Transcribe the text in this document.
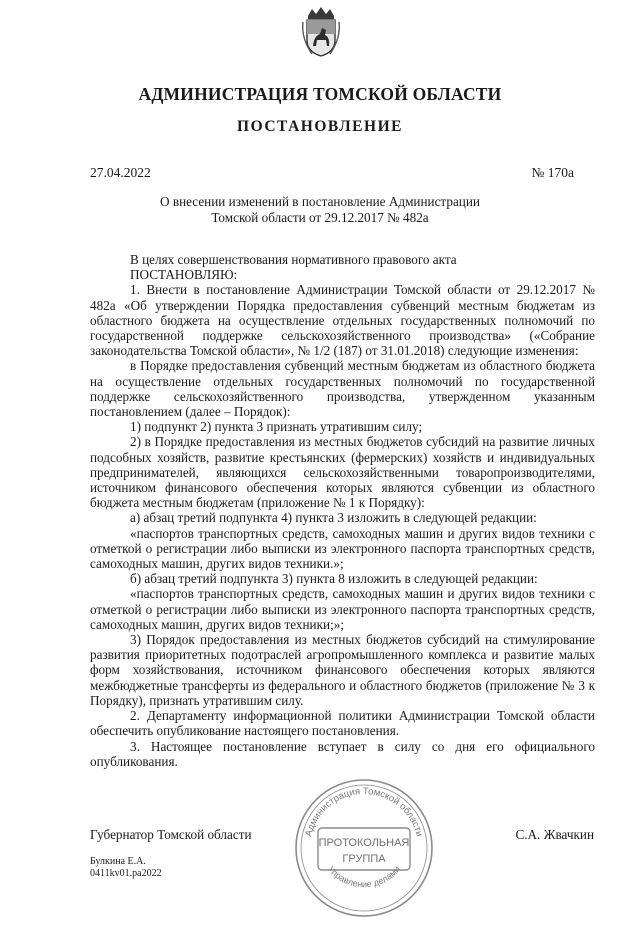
АДМИНИСТРАЦИЯ ТОМСКОЙ ОБЛАСТИ
ПОСТАНОВЛЕНИЕ
27.04.2022	№ 170а
О внесении изменений в постановление Администрации
Томской области от 29.12.2017 № 482а

В целях совершенствования нормативного правового акта

ПОСТАНОВЛЯЮ:

1. Внести в постановление Администрации Томской области от 29.12.2017 № 482а «Об утверждении Порядка предоставления субвенций местным бюджетам из областного бюджета на осуществление отдельных государственных полномочий по государственной поддержке сельскохозяйственного производства» («Собрание законодательства Томской области», № 1/2 (187) от 31.01.2018) следующие изменения:

в Порядке предоставления субвенций местным бюджетам из областного бюджета на осуществление отдельных государственных полномочий по государственной поддержке сельскохозяйственного производства, утвержденном указанным постановлением (далее – Порядок):

1) подпункт 2) пункта 3 признать утратившим силу;

2) в Порядке предоставления из местных бюджетов субсидий на развитие личных подсобных хозяйств, развитие крестьянских (фермерских) хозяйств и индивидуальных предпринимателей, являющихся сельскохозяйственными товаропроизводителями, источником финансового обеспечения которых являются субвенции из областного бюджета местным бюджетам (приложение № 1 к Порядку):

а) абзац третий подпункта 4) пункта 3 изложить в следующей редакции:

«паспортов транспортных средств, самоходных машин и других видов техники с отметкой о регистрации либо выписки из электронного паспорта транспортных средств, самоходных машин, других видов техники.»;

б) абзац третий подпункта 3) пункта 8 изложить в следующей редакции:

«паспортов транспортных средств, самоходных машин и других видов техники с отметкой о регистрации либо выписки из электронного паспорта транспортных средств, самоходных машин, других видов техники;»;

3) Порядок предоставления из местных бюджетов субсидий на стимулирование развития приоритетных подотраслей агропромышленного комплекса и развитие малых форм хозяйствования, источником финансового обеспечения которых являются межбюджетные трансферты из федерального и областного бюджетов (приложение № 3 к Порядку), признать утратившим силу.

2. Департаменту информационной политики Администрации Томской области обеспечить опубликование настоящего постановления.

3. Настоящее постановление вступает в силу со дня его официального опубликования.

Губернатор Томской области	С.А. Жвачкин
Булкина Е.А.
0411kv01.pa2022
Администрация Томской области
Управление делами
ПРОТОКОЛЬНАЯ
ГРУППА
